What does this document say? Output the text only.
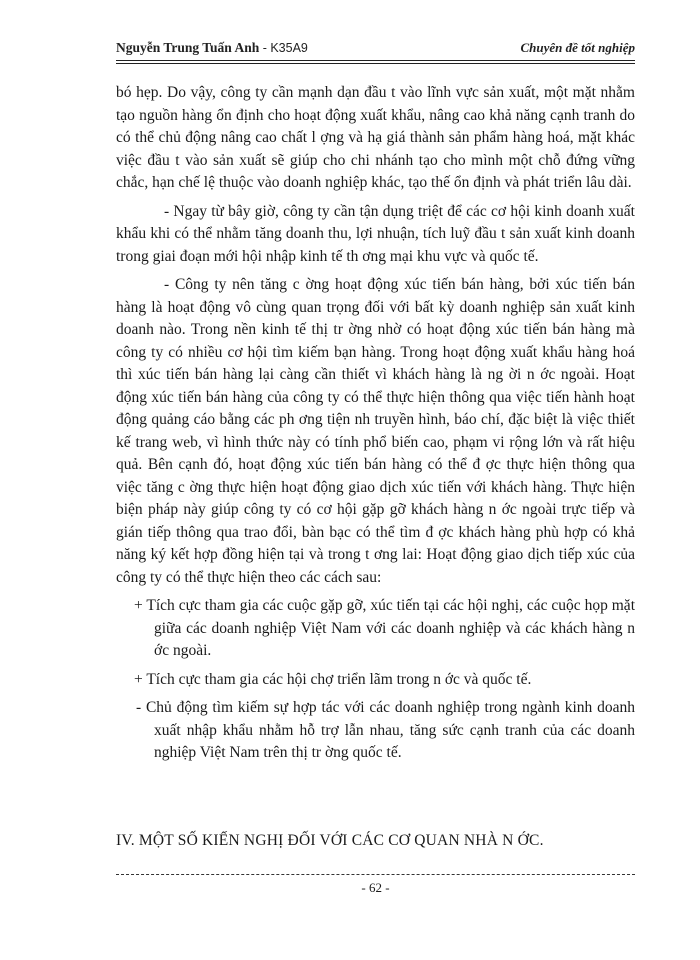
Nguyễn Trung Tuấn Anh - K35A9	Chuyên đề tốt nghiệp

bó hẹp. Do vậy, công ty cần mạnh dạn đầu t vào lĩnh vực sản xuất, một mặt nhằm tạo nguồn hàng ổn định cho hoạt động xuất khẩu, nâng cao khả năng cạnh tranh do có thể chủ động nâng cao chất l ợng và hạ giá thành sản phẩm hàng hoá, mặt khác việc đầu t vào sản xuất sẽ giúp cho chi nhánh tạo cho mình một chỗ đứng vững chắc, hạn chế lệ thuộc vào doanh nghiệp khác, tạo thế ổn định và phát triển lâu dài.

- Ngay từ bây giờ, công ty cần tận dụng triệt để các cơ hội kinh doanh xuất khẩu khi có thể nhằm tăng doanh thu, lợi nhuận, tích luỹ đầu t sản xuất kinh doanh trong giai đoạn mới hội nhập kinh tế th ơng mại khu vực và quốc tế.

- Công ty nên tăng c ờng hoạt động xúc tiến bán hàng, bởi xúc tiến bán hàng là hoạt động vô cùng quan trọng đối với bất kỳ doanh nghiệp sản xuất kinh doanh nào. Trong nền kinh tế thị tr ờng nhờ có hoạt động xúc tiến bán hàng mà công ty có nhiều cơ hội tìm kiếm bạn hàng. Trong hoạt động xuất khẩu hàng hoá thì xúc tiến bán hàng lại càng cần thiết vì khách hàng là ng ời n ớc ngoài. Hoạt động xúc tiến bán hàng của công ty có thể thực hiện thông qua việc tiến hành hoạt động quảng cáo bằng các ph ơng tiện nh truyền hình, báo chí, đặc biệt là việc thiết kế trang web, vì hình thức này có tính phổ biến cao, phạm vi rộng lớn và rất hiệu quả. Bên cạnh đó, hoạt động xúc tiến bán hàng có thể đ ợc thực hiện thông qua việc tăng c ờng thực hiện hoạt động giao dịch xúc tiến với khách hàng. Thực hiện biện pháp này giúp công ty có cơ hội gặp gỡ khách hàng n ớc ngoài trực tiếp và gián tiếp thông qua trao đổi, bàn bạc có thể tìm đ ợc khách hàng phù hợp có khả năng ký kết hợp đồng hiện tại và trong t ơng lai: Hoạt động giao dịch tiếp xúc của công ty có thể thực hiện theo các cách sau:

+ Tích cực tham gia các cuộc gặp gỡ, xúc tiến tại các hội nghị, các cuộc họp mặt giữa các doanh nghiệp Việt Nam với các doanh nghiệp và các khách hàng n ớc ngoài.

+ Tích cực tham gia các hội chợ triển lãm trong n ớc và quốc tế.

- Chủ động tìm kiếm sự hợp tác với các doanh nghiệp trong ngành kinh doanh xuất nhập khẩu nhằm hỗ trợ lẫn nhau, tăng sức cạnh tranh của các doanh nghiệp Việt Nam trên thị tr ờng quốc tế.

IV. MỘT SỐ KIẾN NGHỊ ĐỐI VỚI CÁC CƠ QUAN NHÀ N ỚC.
- 62 -
